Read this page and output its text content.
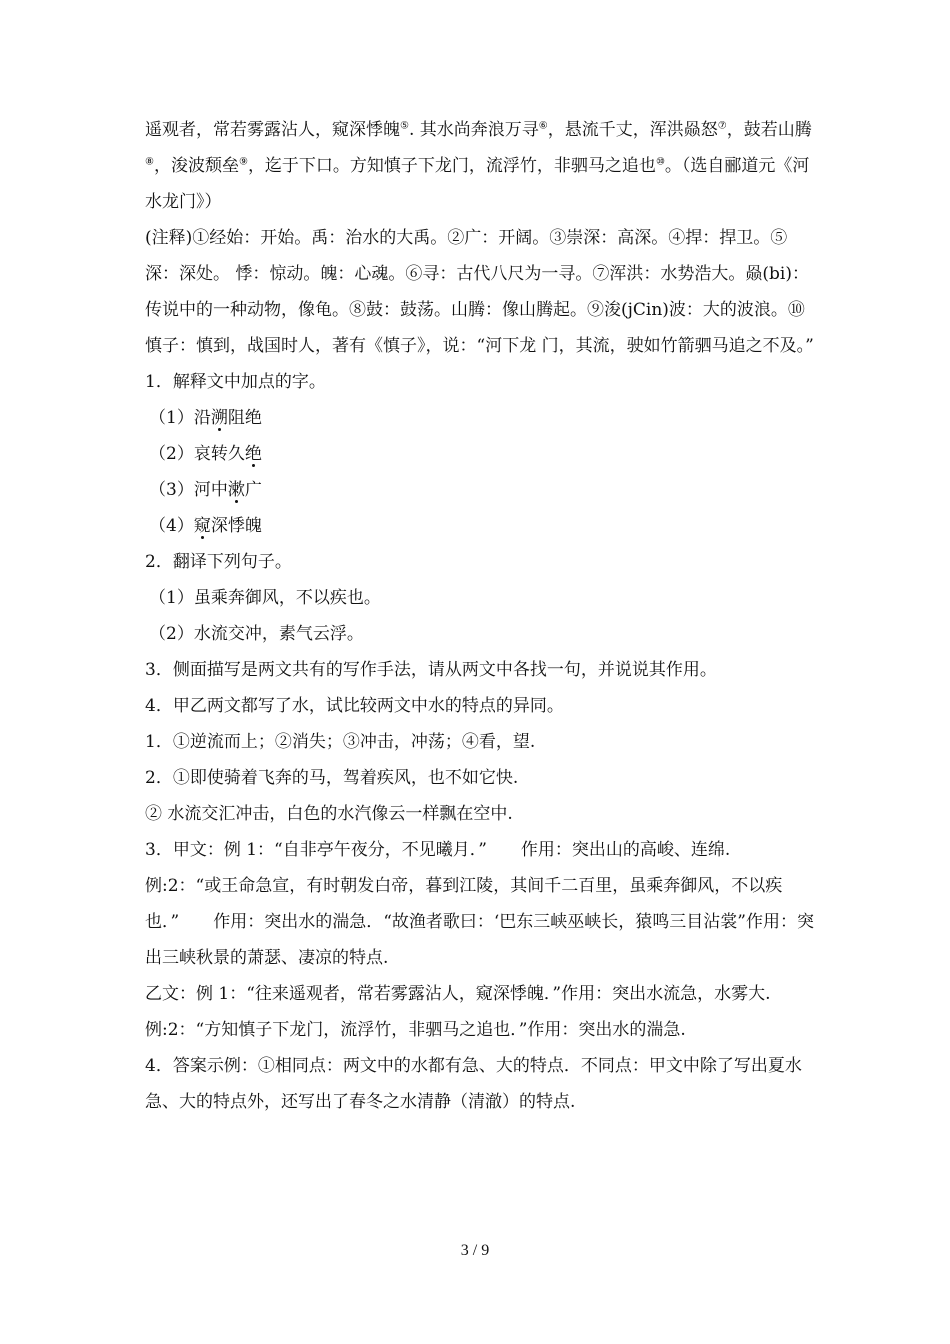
遥观者，常若雾露沾人，窥深悸魄⑤. 其水尚奔浪万寻⑥，悬流千丈，浑洪赑怒⑦，鼓若山腾⑧，浚波颓垒⑨，迄于下口。方知慎子下龙门，流浮竹，非驷马之追也⑩。（选自郦道元《河水龙门》）

(注释)①经始：开始。禹：治水的大禹。②广：开阔。③崇深：高深。④捍：捍卫。⑤深：深处。 悸：惊动。魄：心魂。⑥寻：古代八尺为一寻。⑦浑洪：水势浩大。赑(bi)：传说中的一种动物，像龟。⑧鼓：鼓荡。山腾：像山腾起。⑨浚(jCin)波：大的波浪。⑩慎子：慎到，战国时人，著有《慎子》，说：“河下龙 门，其流，驶如竹箭驷马追之不及。”

1．解释文中加点的字。

（1）沿溯阻绝

（2）哀转久绝

（3）河中漱广

（4）窥深悸魄

2．翻译下列句子。

（1）虽乘奔御风，不以疾也。

（2）水流交冲，素气云浮。

3．侧面描写是两文共有的写作手法，请从两文中各找一句，并说说其作用。

4．甲乙两文都写了水，试比较两文中水的特点的异同。

1．①逆流而上；②消失；③冲击，冲荡；④看，望.

2．①即使骑着飞奔的马，驾着疾风，也不如它快.

② 水流交汇冲击，白色的水汽像云一样飘在空中.

3．甲文：例 1：“自非亭午夜分，不见曦月．”　　作用：突出山的高峻、连绵.

例:2：“或王命急宣，有时朝发白帝，暮到江陵，其间千二百里，虽乘奔御风，不以疾也．”　　作用：突出水的湍急．“故渔者歌曰：‘巴东三峡巫峡长，猿鸣三目沾裳”作用：突出三峡秋景的萧瑟、凄凉的特点.

乙文：例 1：“往来遥观者，常若雾露沾人，窥深悸魄．”作用：突出水流急，水雾大.

例:2：“方知慎子下龙门，流浮竹，非驷马之追也．”作用：突出水的湍急.

4．答案示例：①相同点：两文中的水都有急、大的特点．不同点：甲文中除了写出夏水急、大的特点外，还写出了春冬之水清静（清澈）的特点.

3 / 9
